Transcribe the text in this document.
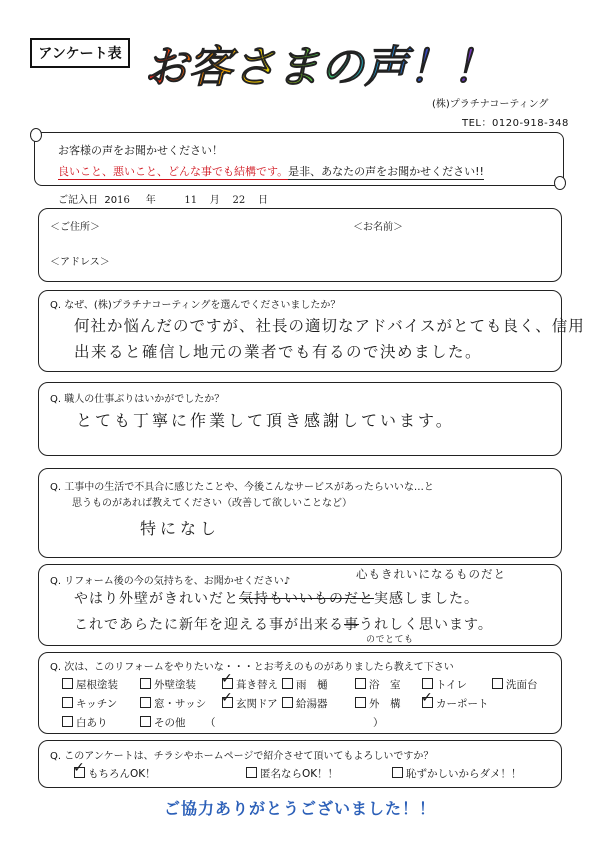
アンケート表 お客さまの声！！
(株)プラチナコーティング
TEL：0120-918-348
お客様の声をお聞かせください！
良いこと、悪いこと、どんな事でも結構です。是非、あなたの声をお聞かせください!!
ご記入日 2016 年	11 月 22 日
＜ご住所＞	＜お名前＞
＜アドレス＞
Q. なぜ、(株)プラチナコーティングを選んでくださいましたか？
何社か悩んだのですが、社長の適切なアドバイスがとても良く、信用
出来ると確信し地元の業者でも有るので決めました。
Q. 職人の仕事ぶりはいかがでしたか？
とても丁寧に作業して頂き感謝しています。
Q. 工事中の生活で不具合に感じたことや、今後こんなサービスがあったらいいな…と
思うものがあれば教えてください（改善して欲しいことなど）
特になし
Q. リフォーム後の今の気持ちを、お聞かせください♪
心もきれいになるものだと
やはり外壁がきれいだと気持もいいものだと実感しました。
これであらたに新年を迎える事が出来る事うれしく思います。
のでとても
Q. 次は、このリフォームをやりたいな・・・とお考えのものがありましたら教えて下さい
屋根塗装	外壁塗装 ✓	葺き替え	雨　樋	浴　室	トイレ	洗面台
キッチン	窓・サッシ ✓	玄関ドア	給湯器	外　構 ✓	カーポート
白あり	その他 （　　　　　　　　　　　　　　　）
Q. このアンケートは、チラシやホームページで紹介させて頂いてもよろしいですか？
✓もちろんOK！	匿名ならOK！！	恥ずかしいからダメ！！
ご協力ありがとうございました！！
